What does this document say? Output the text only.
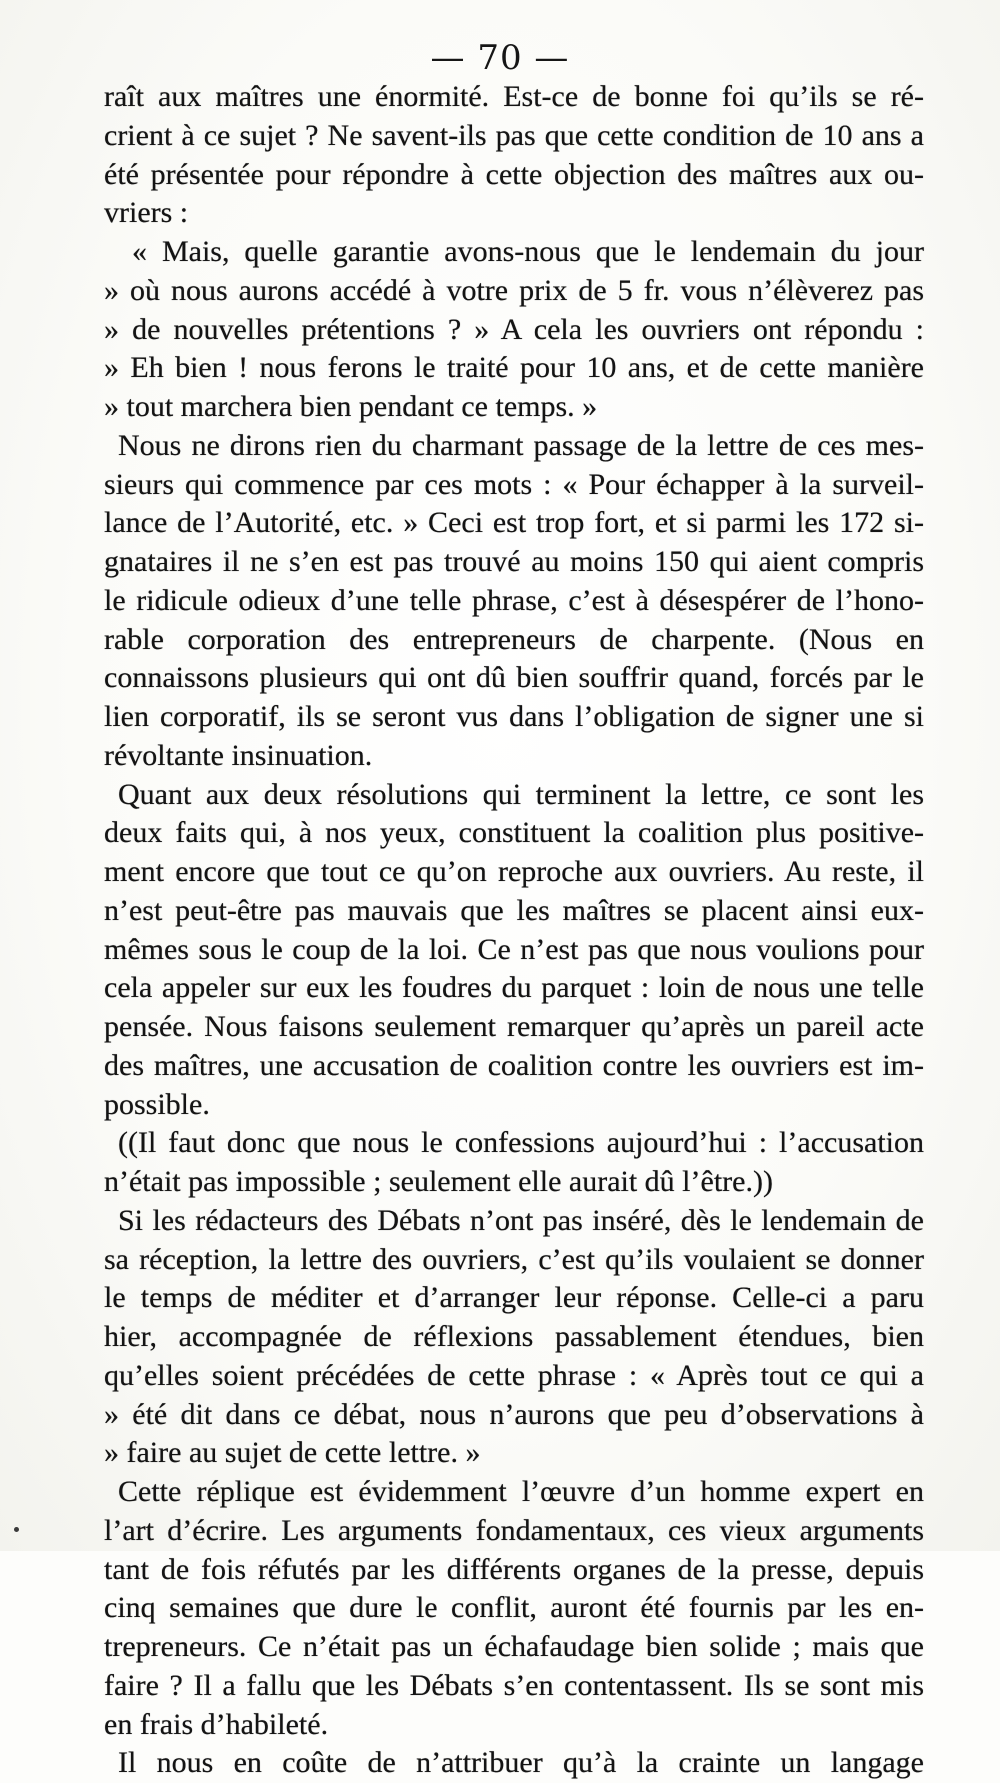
— 70 —
raît aux maîtres une énormité. Est-ce de bonne foi qu’ils se ré-
crient à ce sujet ? Ne savent-ils pas que cette condition de 10 ans a
été présentée pour répondre à cette objection des maîtres aux ou-
vriers :
« Mais, quelle garantie avons-nous que le lendemain du jour
» où nous aurons accédé à votre prix de 5 fr. vous n’élèverez pas
» de nouvelles prétentions ? » A cela les ouvriers ont répondu :
» Eh bien ! nous ferons le traité pour 10 ans, et de cette manière
» tout marchera bien pendant ce temps. »
Nous ne dirons rien du charmant passage de la lettre de ces mes-
sieurs qui commence par ces mots : « Pour échapper à la surveil-
lance de l’Autorité, etc. » Ceci est trop fort, et si parmi les 172 si-
gnataires il ne s’en est pas trouvé au moins 150 qui aient compris
le ridicule odieux d’une telle phrase, c’est à désespérer de l’hono-
rable corporation des entrepreneurs de charpente. (Nous en
connaissons plusieurs qui ont dû bien souffrir quand, forcés par le
lien corporatif, ils se seront vus dans l’obligation de signer une si
révoltante insinuation.
Quant aux deux résolutions qui terminent la lettre, ce sont les
deux faits qui, à nos yeux, constituent la coalition plus positive-
ment encore que tout ce qu’on reproche aux ouvriers. Au reste, il
n’est peut-être pas mauvais que les maîtres se placent ainsi eux-
mêmes sous le coup de la loi. Ce n’est pas que nous voulions pour
cela appeler sur eux les foudres du parquet : loin de nous une telle
pensée. Nous faisons seulement remarquer qu’après un pareil acte
des maîtres, une accusation de coalition contre les ouvriers est im-
possible.
((Il faut donc que nous le confessions aujourd’hui : l’accusation
n’était pas impossible ; seulement elle aurait dû l’être.))
Si les rédacteurs des Débats n’ont pas inséré, dès le lendemain de
sa réception, la lettre des ouvriers, c’est qu’ils voulaient se donner
le temps de méditer et d’arranger leur réponse. Celle-ci a paru
hier, accompagnée de réflexions passablement étendues, bien
qu’elles soient précédées de cette phrase : « Après tout ce qui a
» été dit dans ce débat, nous n’aurons que peu d’observations à
» faire au sujet de cette lettre. »
Cette réplique est évidemment l’œuvre d’un homme expert en
l’art d’écrire. Les arguments fondamentaux, ces vieux arguments
tant de fois réfutés par les différents organes de la presse, depuis
cinq semaines que dure le conflit, auront été fournis par les en-
trepreneurs. Ce n’était pas un échafaudage bien solide ; mais que
faire ? Il a fallu que les Débats s’en contentassent. Ils se sont mis
en frais d’habileté.
Il nous en coûte de n’attribuer qu’à la crainte un langage
